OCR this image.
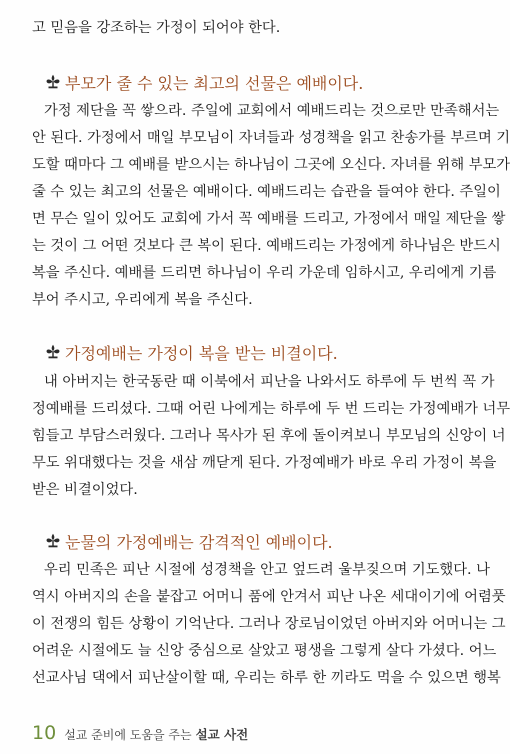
고 믿음을 강조하는 가정이 되어야 한다.
부모가 줄 수 있는 최고의 선물은 예배이다.
가정 제단을 꼭 쌓으라. 주일에 교회에서 예배드리는 것으로만 만족해서는
안 된다. 가정에서 매일 부모님이 자녀들과 성경책을 읽고 찬송가를 부르며 기
도할 때마다 그 예배를 받으시는 하나님이 그곳에 오신다. 자녀를 위해 부모가
줄 수 있는 최고의 선물은 예배이다. 예배드리는 습관을 들여야 한다. 주일이
면 무슨 일이 있어도 교회에 가서 꼭 예배를 드리고, 가정에서 매일 제단을 쌓
는 것이 그 어떤 것보다 큰 복이 된다. 예배드리는 가정에게 하나님은 반드시
복을 주신다. 예배를 드리면 하나님이 우리 가운데 임하시고, 우리에게 기름
부어 주시고, 우리에게 복을 주신다.
가정예배는 가정이 복을 받는 비결이다.
내 아버지는 한국동란 때 이북에서 피난을 나와서도 하루에 두 번씩 꼭 가
정예배를 드리셨다. 그때 어린 나에게는 하루에 두 번 드리는 가정예배가 너무
힘들고 부담스러웠다. 그러나 목사가 된 후에 돌이켜보니 부모님의 신앙이 너
무도 위대했다는 것을 새삼 깨닫게 된다. 가정예배가 바로 우리 가정이 복을
받은 비결이었다.
눈물의 가정예배는 감격적인 예배이다.
우리 민족은 피난 시절에 성경책을 안고 엎드려 울부짖으며 기도했다. 나
역시 아버지의 손을 붙잡고 어머니 품에 안겨서 피난 나온 세대이기에 어렴풋
이 전쟁의 힘든 상황이 기억난다. 그러나 장로님이었던 아버지와 어머니는 그
어려운 시절에도 늘 신앙 중심으로 살았고 평생을 그렇게 살다 가셨다. 어느
선교사님 댁에서 피난살이할 때, 우리는 하루 한 끼라도 먹을 수 있으면 행복
10 설교 준비에 도움을 주는 설교 사전
